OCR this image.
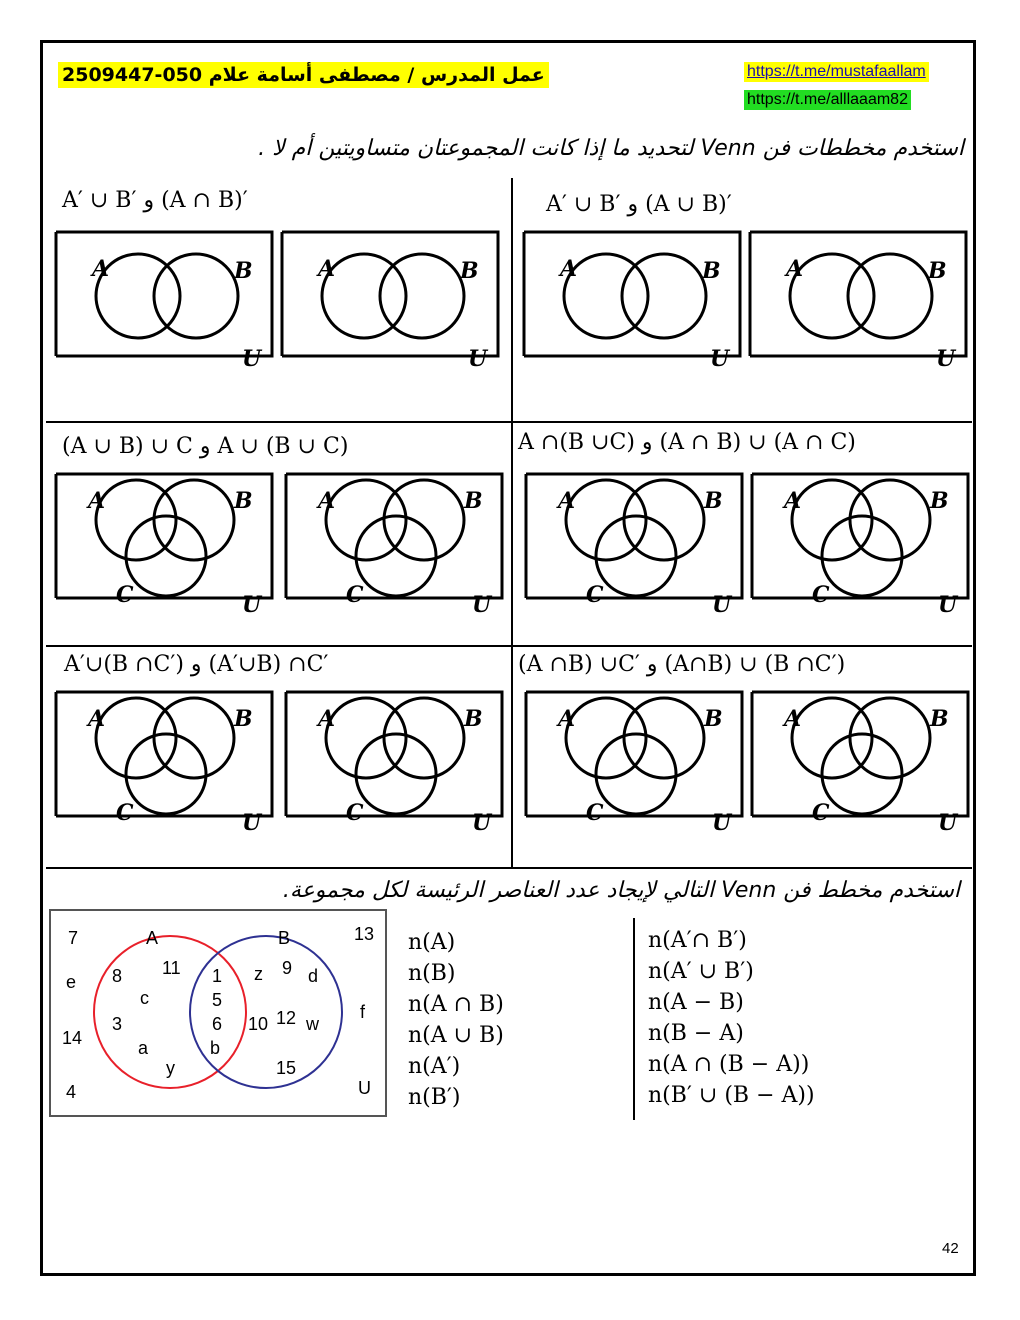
عمل المدرس / مصطفى أسامة علام 050-2509447	https://t.me/mustafaallam
https://t.me/alllaaam82
استخدم مخططات فن Venn لتحديد ما إذا كانت المجموعتان متساويتين أم لا .
A′ ∪ B′ و (A ∩ B)′	A′ ∪ B′ و (A ∪ B)′
(A ∪ B) ∪ C و A ∪ (B ∪ C)	A ∩(B ∪C) و (A ∩ B) ∪ (A ∩ C)
A′∪(B ∩C′) و (A′∪B) ∩C′	(A ∩B) ∪C′ و (A∩B) ∪ (B ∩C′)
استخدم مخطط فن Venn التالي لإيجاد عدد العناصر الرئيسة لكل مجموعة.
A	B
U
A	B
U
A	B
U
A	B
U
A	B
C	U
A	B
C	U
A	B
C	U
A	B
C	U
A	B
C	U
A	B
C	U
A	B
C	U
A	B
C	U
A	B
7	13
e
f
14
4	U
8 11
c
3
a
y
1
5
6
b
z 9 d
10 12 w
15
n(A)
n(B)
n(A ∩ B)
n(A ∪ B)
n(A′)
n(B′)
n(A′∩ B′)
n(A′ ∪ B′)
n(A − B)
n(B − A)
n(A ∩ (B − A))
n(B′ ∪ (B − A))
42
